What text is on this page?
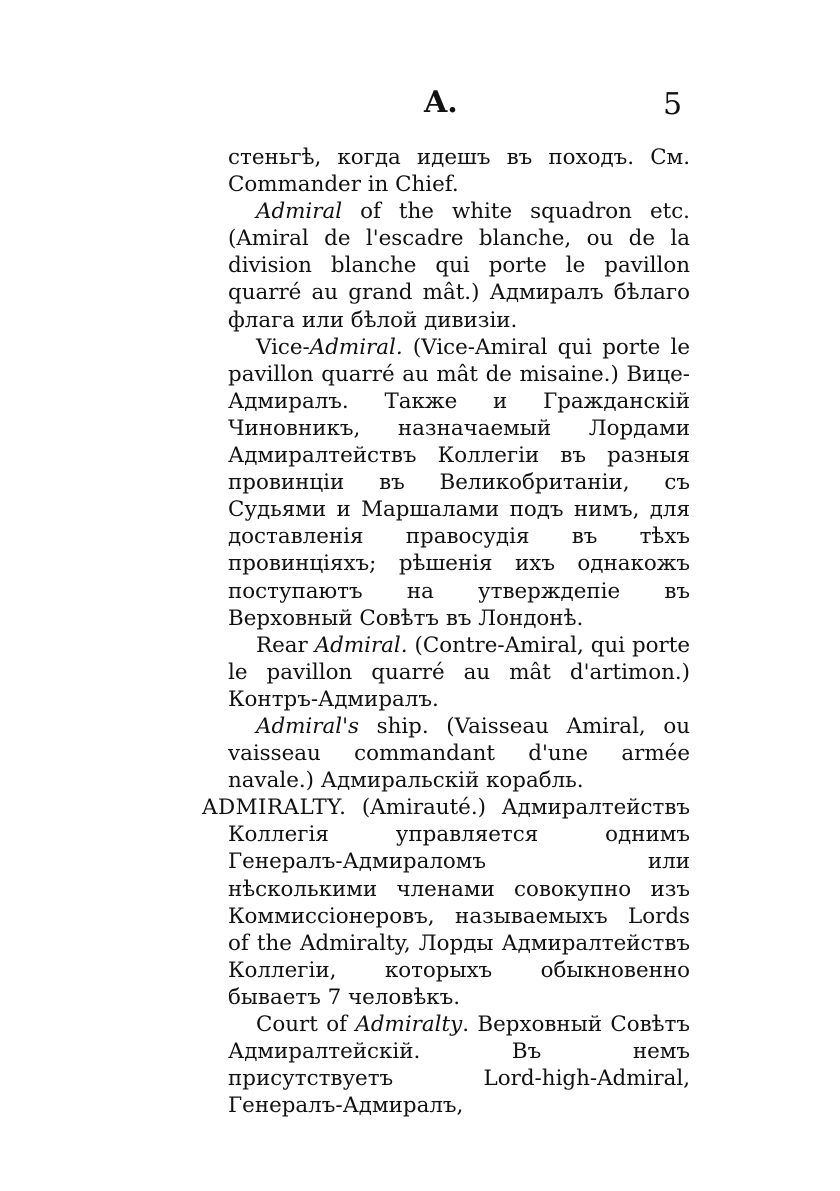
A.	5

стеньгѣ, когда идешъ въ походъ. См. Commander in Chief.

Admiral of the white squadron etc. (Amiral de l'escadre blanche, ou de la division blanche qui porte le pavillon quarré au grand mât.) Адмиралъ бѣлаго флага или бѣлой дивизіи.

Vice-Admiral. (Vice-Amiral qui porte le pavillon quarré au mât de misaine.) Вице-Адмиралъ. Также и Гражданскій Чиновникъ, назначаемый Лордами Адмиралтействъ Коллегіи въ разныя провинціи въ Великобританіи, съ Судьями и Маршалами подъ нимъ, для доставленія правосудія въ тѣхъ провинціяхъ; рѣшенія ихъ однакожъ поступаютъ на утверждепіе въ Верховный Совѣтъ въ Лондонѣ.

Rear Admiral. (Contre-Amiral, qui porte le pavillon quarré au mât d'artimon.) Контръ-Адмиралъ.

Admiral's ship. (Vaisseau Amiral, ou vaisseau commandant d'une armée navale.) Адмиральскій корабль.

ADMIRALTY. (Amirauté.) Адмиралтействъ Коллегія управляется однимъ Генералъ-Адмираломъ или нѣсколькими членами совокупно изъ Коммиссіонеровъ, называемыхъ Lords of the Admiralty, Лорды Адмиралтействъ Коллегіи, которыхъ обыкновенно бываетъ 7 человѣкъ.

Court of Admiralty. Верховный Совѣтъ Адмиралтейскій. Въ немъ присутствуетъ Lord-high-Admiral, Генералъ-Адмиралъ,
